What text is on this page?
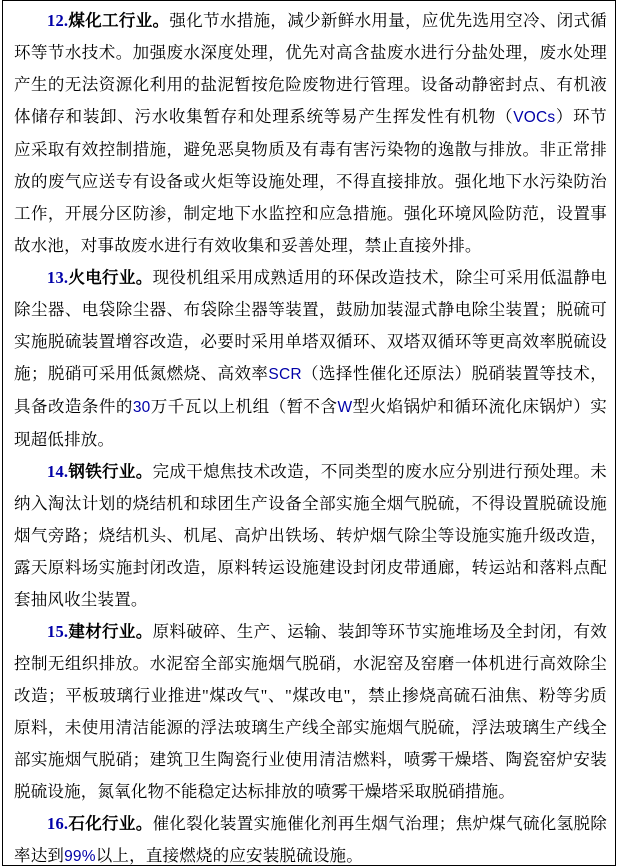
12.煤化工行业。强化节水措施，减少新鲜水用量，应优先选用空冷、闭式循环等节水技术。加强废水深度处理，优先对高含盐废水进行分盐处理，废水处理产生的无法资源化利用的盐泥暂按危险废物进行管理。设备动静密封点、有机液体储存和装卸、污水收集暂存和处理系统等易产生挥发性有机物（VOCs）环节应采取有效控制措施，避免恶臭物质及有毒有害污染物的逸散与排放。非正常排放的废气应送专有设备或火炬等设施处理，不得直接排放。强化地下水污染防治工作，开展分区防渗，制定地下水监控和应急措施。强化环境风险防范，设置事故水池，对事故废水进行有效收集和妥善处理，禁止直接外排。

13.火电行业。现役机组采用成熟适用的环保改造技术，除尘可采用低温静电除尘器、电袋除尘器、布袋除尘器等装置，鼓励加装湿式静电除尘装置；脱硫可实施脱硫装置增容改造，必要时采用单塔双循环、双塔双循环等更高效率脱硫设施；脱硝可采用低氮燃烧、高效率SCR（选择性催化还原法）脱硝装置等技术，具备改造条件的30万千瓦以上机组（暂不含W型火焰锅炉和循环流化床锅炉）实现超低排放。

14.钢铁行业。完成干熄焦技术改造，不同类型的废水应分别进行预处理。未纳入淘汰计划的烧结机和球团生产设备全部实施全烟气脱硫，不得设置脱硫设施烟气旁路；烧结机头、机尾、高炉出铁场、转炉烟气除尘等设施实施升级改造，露天原料场实施封闭改造，原料转运设施建设封闭皮带通廊，转运站和落料点配套抽风收尘装置。

15.建材行业。原料破碎、生产、运输、装卸等环节实施堆场及全封闭，有效控制无组织排放。水泥窑全部实施烟气脱硝，水泥窑及窑磨一体机进行高效除尘改造；平板玻璃行业推进"煤改气"、"煤改电"，禁止掺烧高硫石油焦、粉等劣质原料，未使用清洁能源的浮法玻璃生产线全部实施烟气脱硫，浮法玻璃生产线全部实施烟气脱硝；建筑卫生陶瓷行业使用清洁燃料，喷雾干燥塔、陶瓷窑炉安装脱硫设施，氮氧化物不能稳定达标排放的喷雾干燥塔采取脱硝措施。

16.石化行业。催化裂化装置实施催化剂再生烟气治理；焦炉煤气硫化氢脱除率达到99%以上，直接燃烧的应安装脱硫设施。
